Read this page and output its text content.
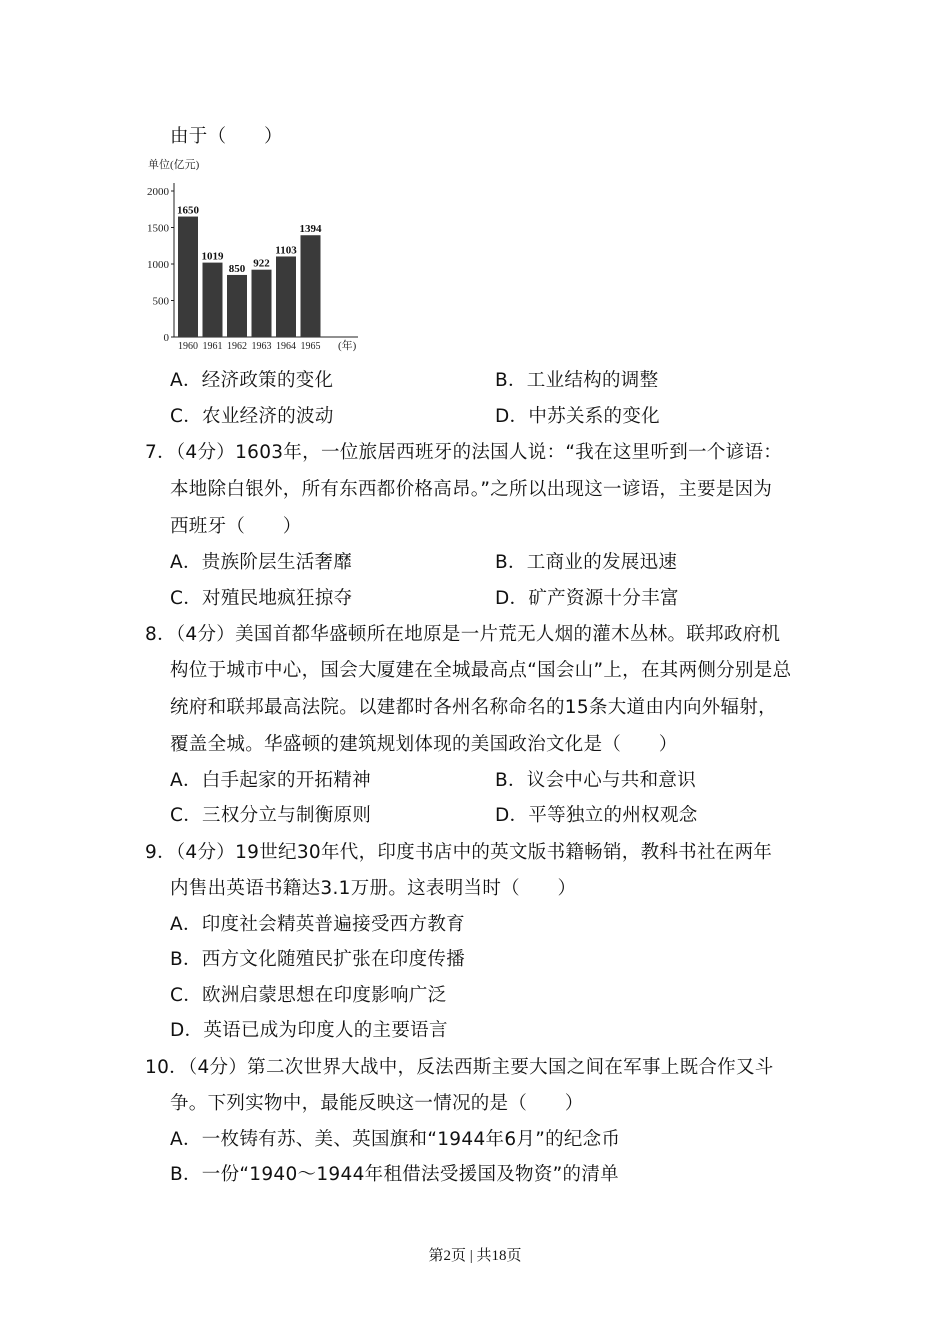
由于（　　）
单位(亿元)
0
500
1000
1500
2000
1650
1019
850 922
1103
1394
1960 1961 1962 1963 1964 1965 (年)
A．经济政策的变化	B．工业结构的调整
C．农业经济的波动	D．中苏关系的变化
7．（4分）1603年，一位旅居西班牙的法国人说：“我在这里听到一个谚语：
本地除白银外，所有东西都价格高昂。”之所以出现这一谚语，主要是因为
西班牙（　　）
A．贵族阶层生活奢靡	B．工商业的发展迅速
C．对殖民地疯狂掠夺	D．矿产资源十分丰富
8．（4分）美国首都华盛顿所在地原是一片荒无人烟的灌木丛林。联邦政府机
构位于城市中心，国会大厦建在全城最高点“国会山”上，在其两侧分别是总
统府和联邦最高法院。以建都时各州名称命名的15条大道由内向外辐射，
覆盖全城。华盛顿的建筑规划体现的美国政治文化是（　　）
A．白手起家的开拓精神	B．议会中心与共和意识
C．三权分立与制衡原则	D．平等独立的州权观念
9．（4分）19世纪30年代，印度书店中的英文版书籍畅销，教科书社在两年
内售出英语书籍达3.1万册。这表明当时（　　）
A．印度社会精英普遍接受西方教育
B．西方文化随殖民扩张在印度传播
C．欧洲启蒙思想在印度影响广泛
D．英语已成为印度人的主要语言
10．（4分）第二次世界大战中，反法西斯主要大国之间在军事上既合作又斗
争。下列实物中，最能反映这一情况的是（　　）
A．一枚铸有苏、美、英国旗和“1944年6月”的纪念币
B．一份“1940～1944年租借法受援国及物资”的清单
第2页 | 共18页
